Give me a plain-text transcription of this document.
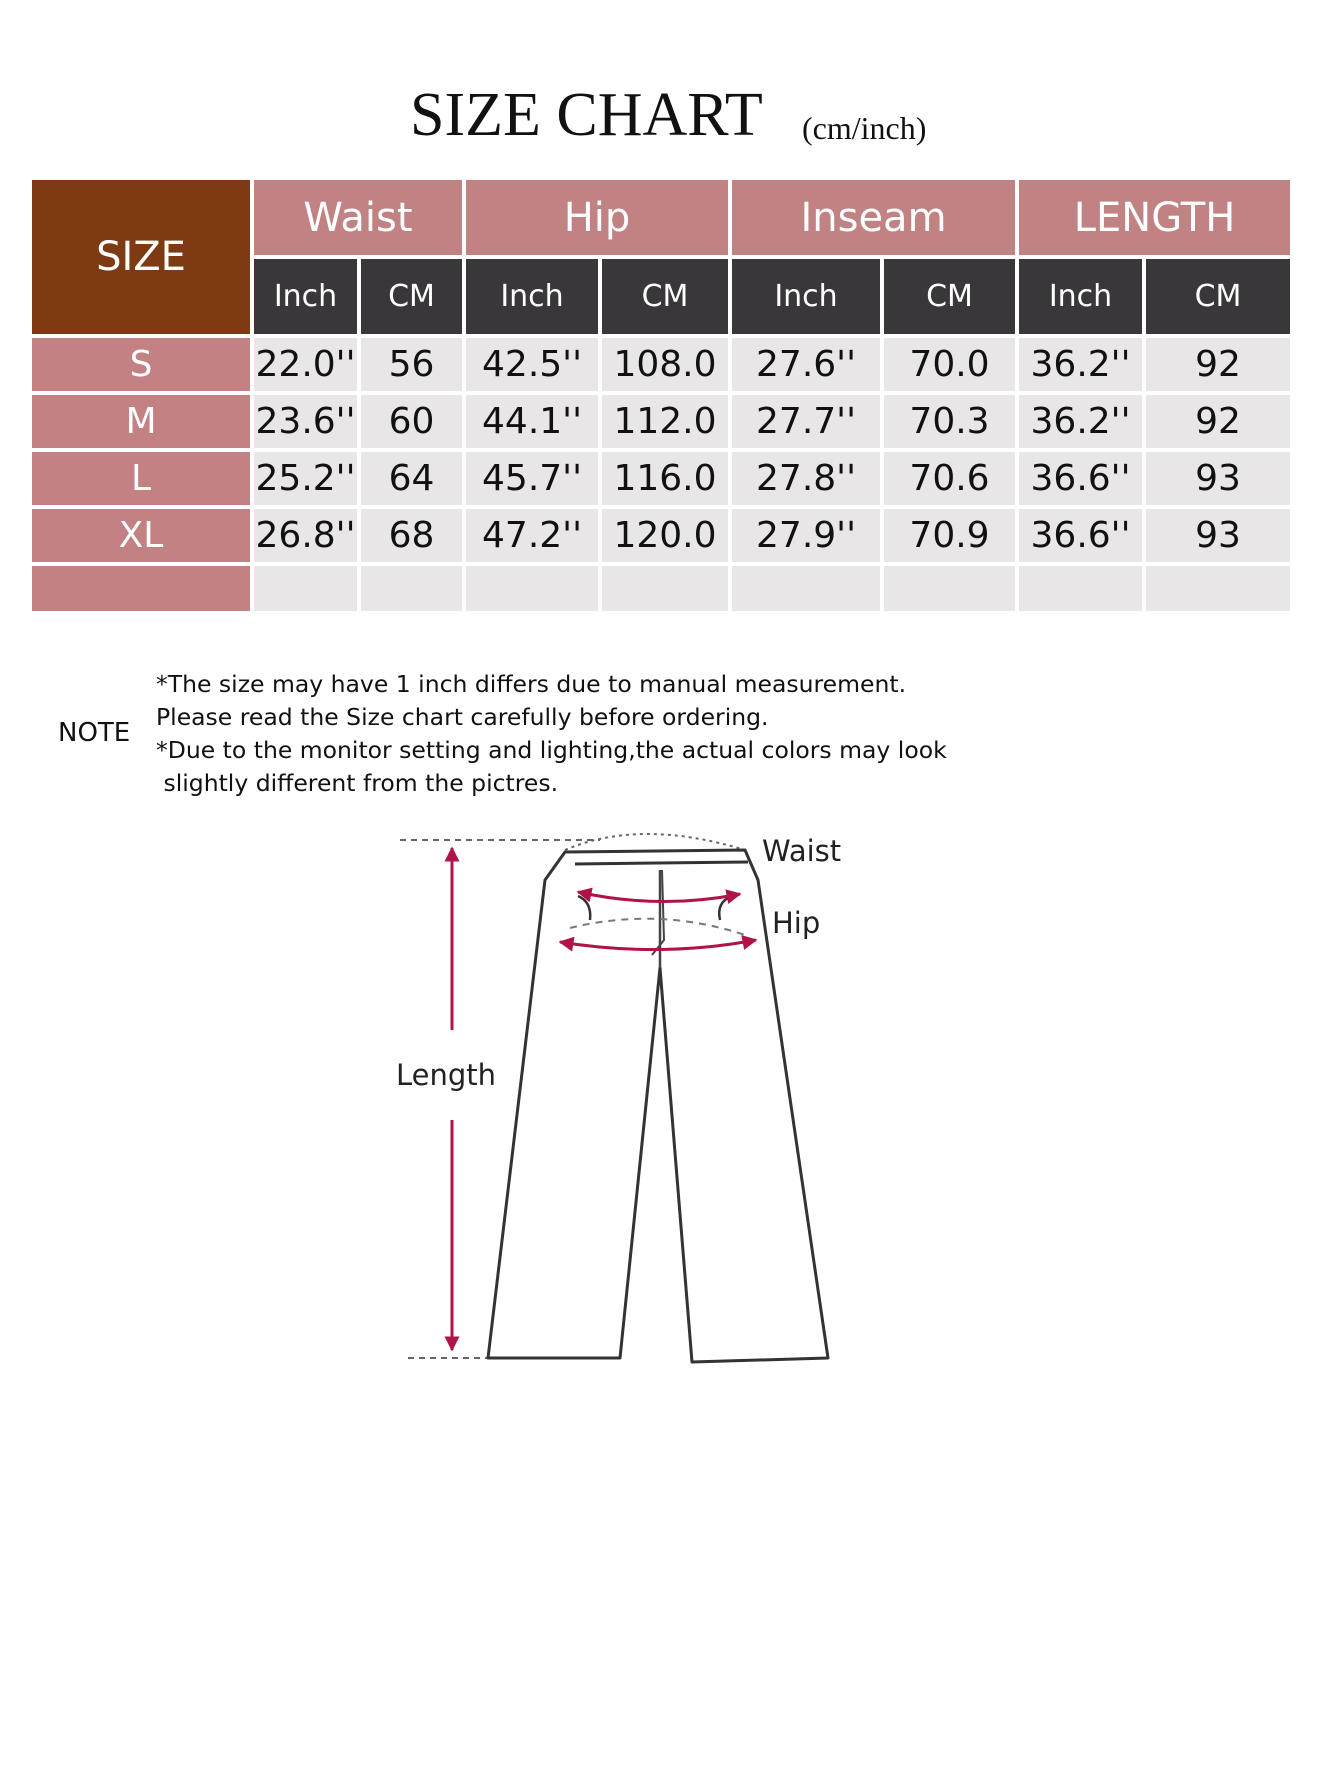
SIZE CHART (cm/inch)
SIZE	Waist		Hip		Inseam		LENGTH	
	Inch	CM	Inch	CM	Inch	CM	Inch	CM
S	22.0''	56	42.5''	108.0	27.6''	70.0	36.2''	92
M	23.6''	60	44.1''	112.0	27.7''	70.3	36.2''	92
L	25.2''	64	45.7''	116.0	27.8''	70.6	36.6''	93
XL	26.8''	68	47.2''	120.0	27.9''	70.9	36.6''	93

NOTE
*The size may have 1 inch differs due to manual measurement.
Please read the Size chart carefully before ordering.
*Due to the monitor setting and lighting,the actual colors may look
slightly different from the pictres.
Waist
Hip
Length
